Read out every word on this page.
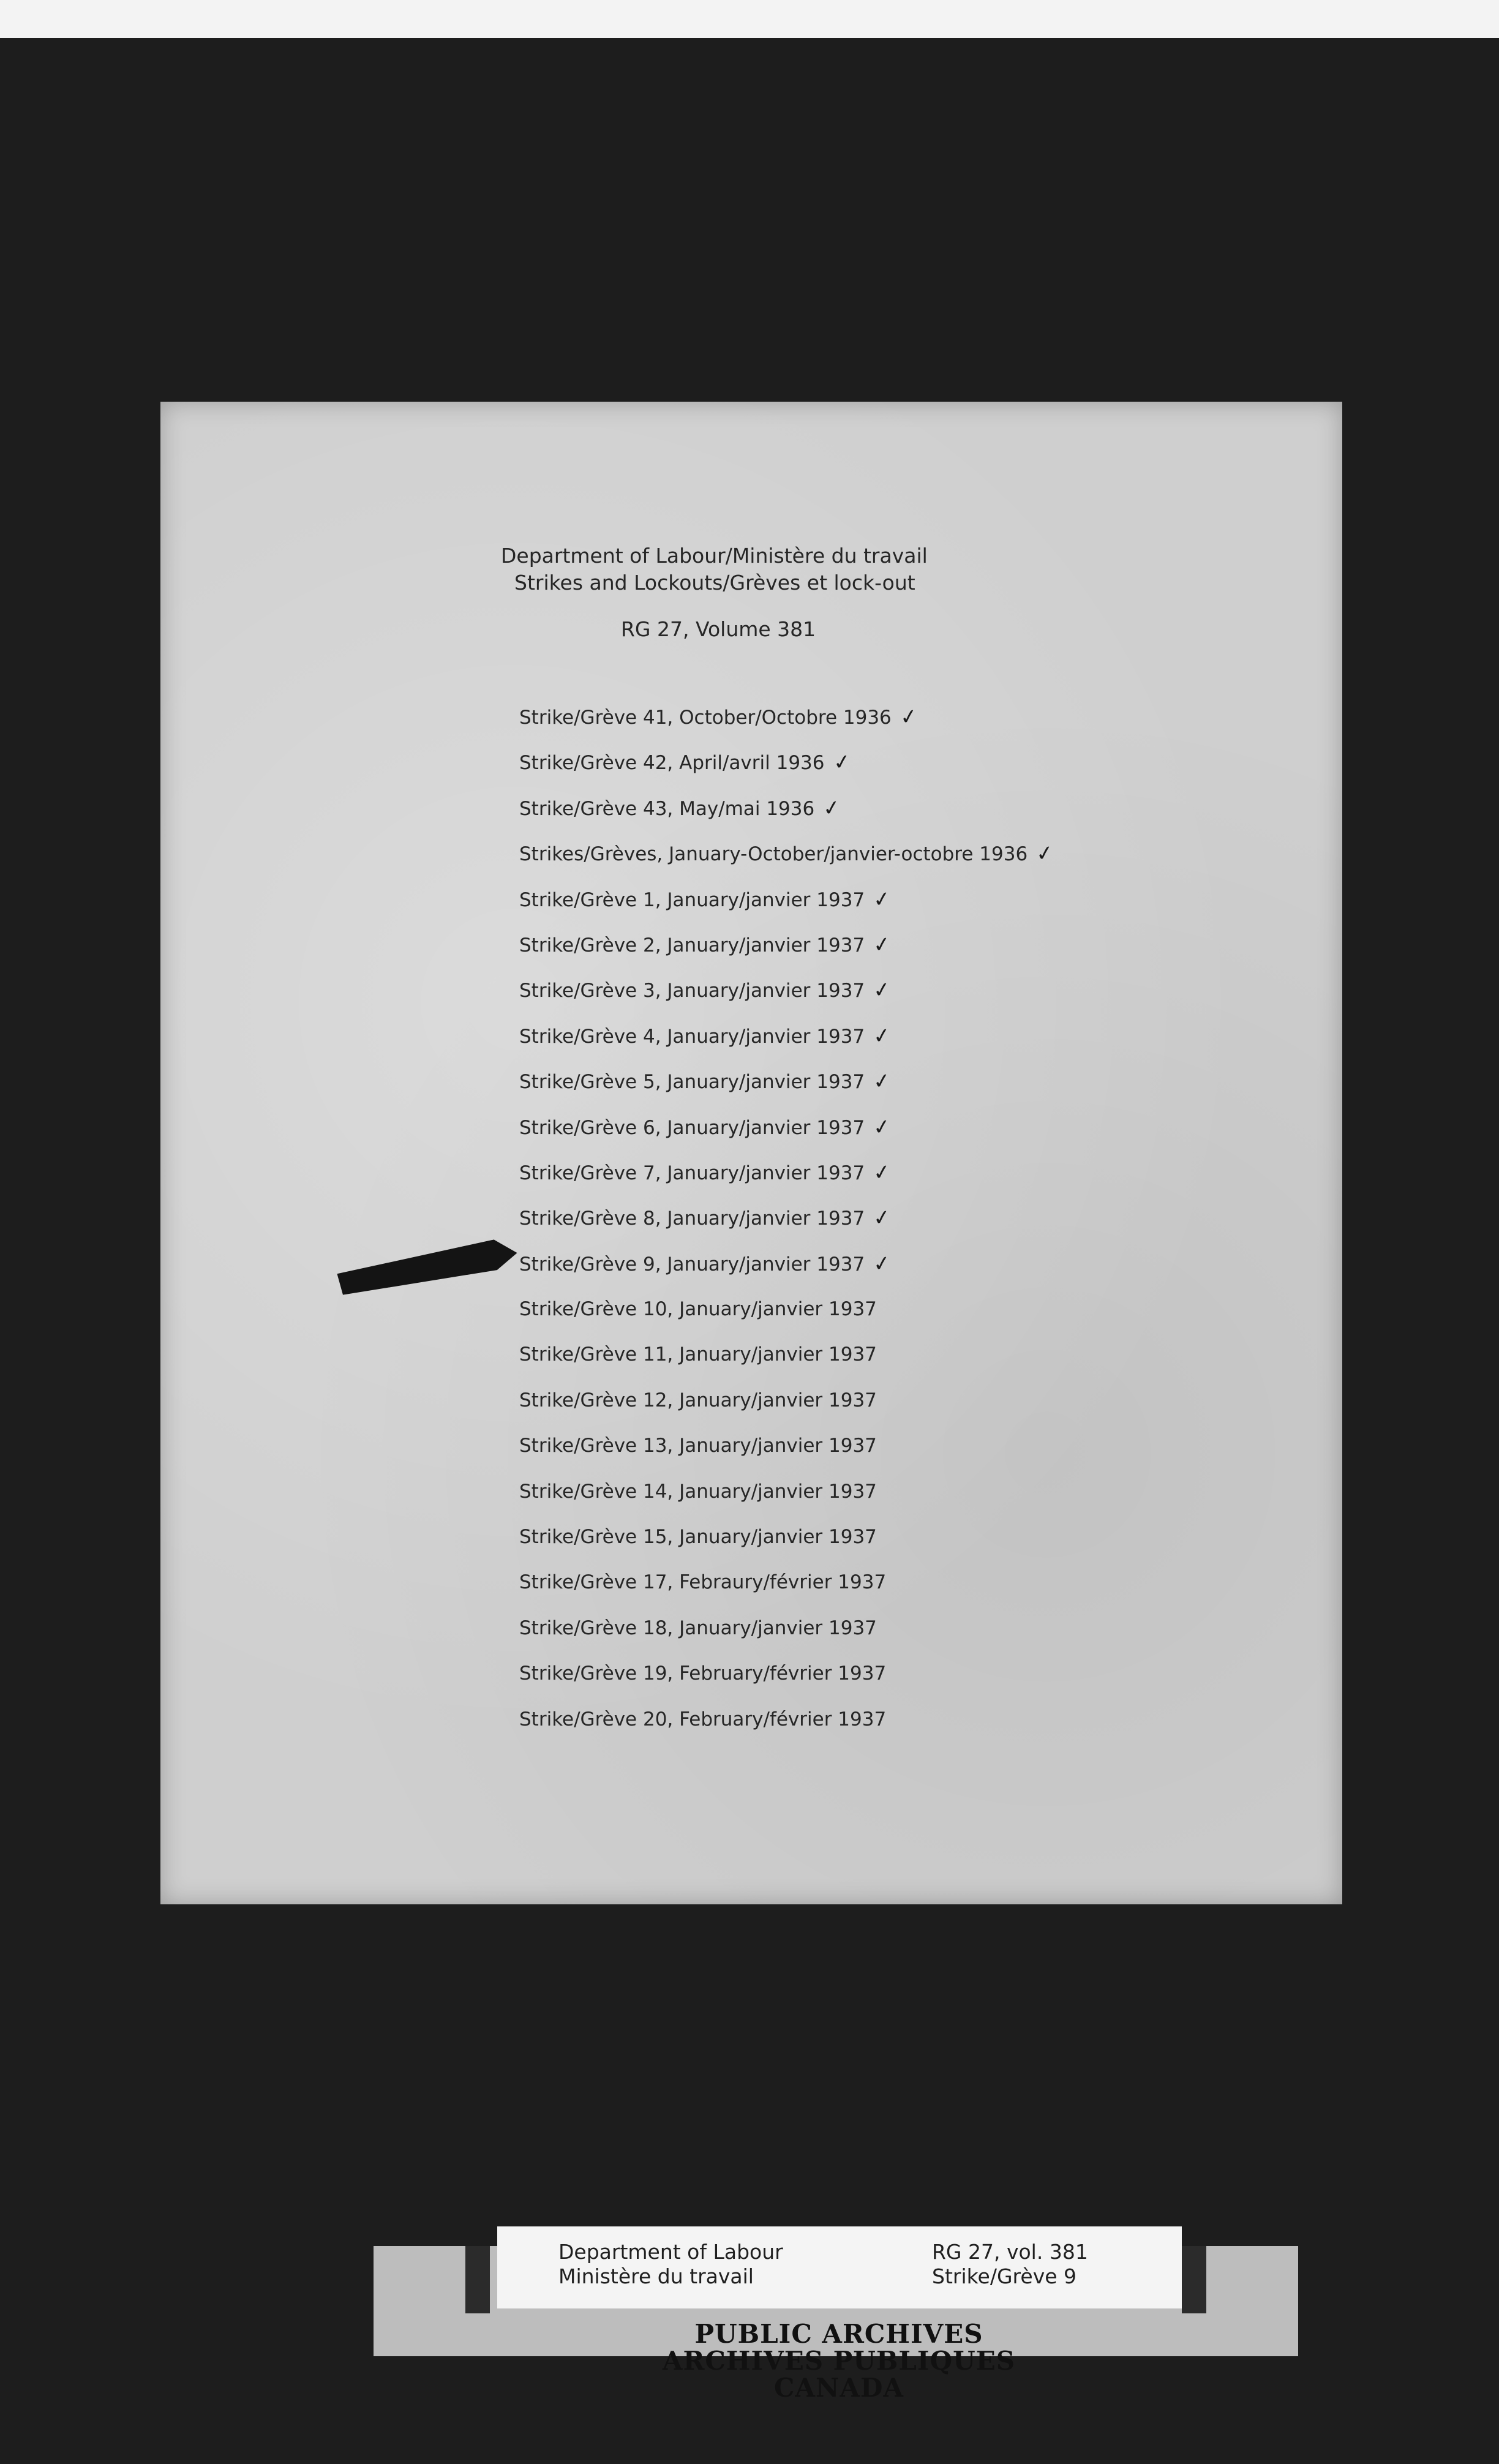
Department of Labour/Ministère du travail
Strikes and Lockouts/Grèves et lock-out
RG 27, Volume 381
Strike/Grève 41, October/Octobre 1936 ✓
Strike/Grève 42, April/avril 1936 ✓
Strike/Grève 43, May/mai 1936 ✓
Strikes/Grèves, January-October/janvier-octobre 1936 ✓
Strike/Grève 1, January/janvier 1937 ✓
Strike/Grève 2, January/janvier 1937 ✓
Strike/Grève 3, January/janvier 1937 ✓
Strike/Grève 4, January/janvier 1937 ✓
Strike/Grève 5, January/janvier 1937 ✓
Strike/Grève 6, January/janvier 1937 ✓
Strike/Grève 7, January/janvier 1937 ✓
Strike/Grève 8, January/janvier 1937 ✓
Strike/Grève 9, January/janvier 1937 ✓
Strike/Grève 10, January/janvier 1937
Strike/Grève 11, January/janvier 1937
Strike/Grève 12, January/janvier 1937
Strike/Grève 13, January/janvier 1937
Strike/Grève 14, January/janvier 1937
Strike/Grève 15, January/janvier 1937
Strike/Grève 17, Febraury/février 1937
Strike/Grève 18, January/janvier 1937
Strike/Grève 19, February/février 1937
Strike/Grève 20, February/février 1937
Department of Labour
Ministère du travail
RG 27, vol. 381
Strike/Grève 9
PUBLIC ARCHIVES
ARCHIVES PUBLIQUES
CANADA
